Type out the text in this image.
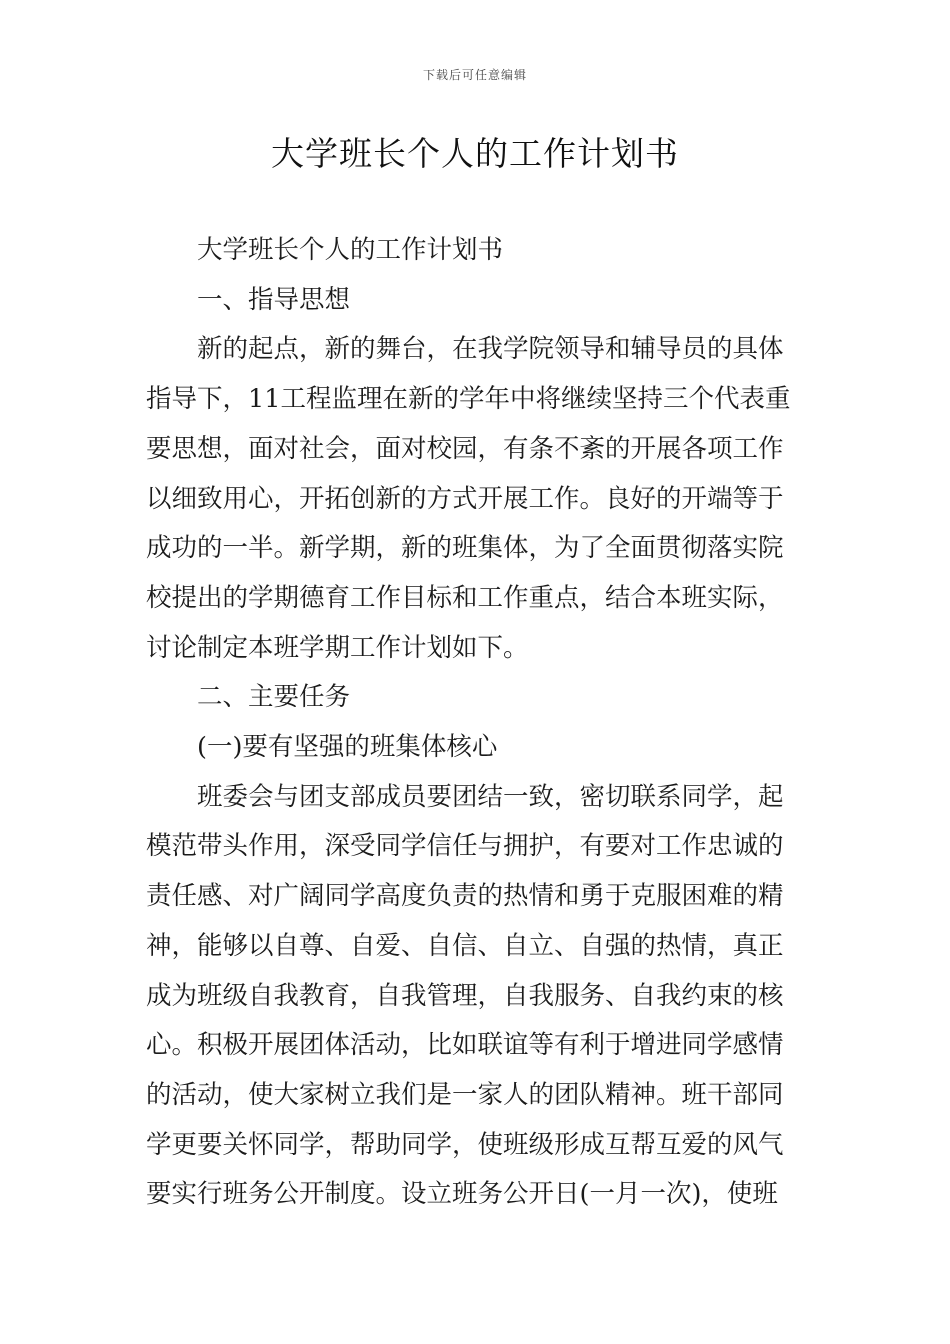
下载后可任意编辑
大学班长个人的工作计划书

大学班长个人的工作计划书

一、指导思想

新的起点，新的舞台，在我学院领导和辅导员的具体指导下，11工程监理在新的学年中将继续坚持三个代表重要思想，面对社会，面对校园，有条不紊的开展各项工作以细致用心，开拓创新的方式开展工作。良好的开端等于成功的一半。新学期，新的班集体，为了全面贯彻落实院校提出的学期德育工作目标和工作重点，结合本班实际，讨论制定本班学期工作计划如下。

二、主要任务

(一)要有坚强的班集体核心

班委会与团支部成员要团结一致，密切联系同学，起模范带头作用，深受同学信任与拥护，有要对工作忠诚的责任感、对广阔同学高度负责的热情和勇于克服困难的精神，能够以自尊、自爱、自信、自立、自强的热情，真正成为班级自我教育，自我管理，自我服务、自我约束的核心。积极开展团体活动，比如联谊等有利于增进同学感情的活动，使大家树立我们是一家人的团队精神。班干部同学更要关怀同学，帮助同学，使班级形成互帮互爱的风气要实行班务公开制度。设立班务公开日(一月一次)，使班
